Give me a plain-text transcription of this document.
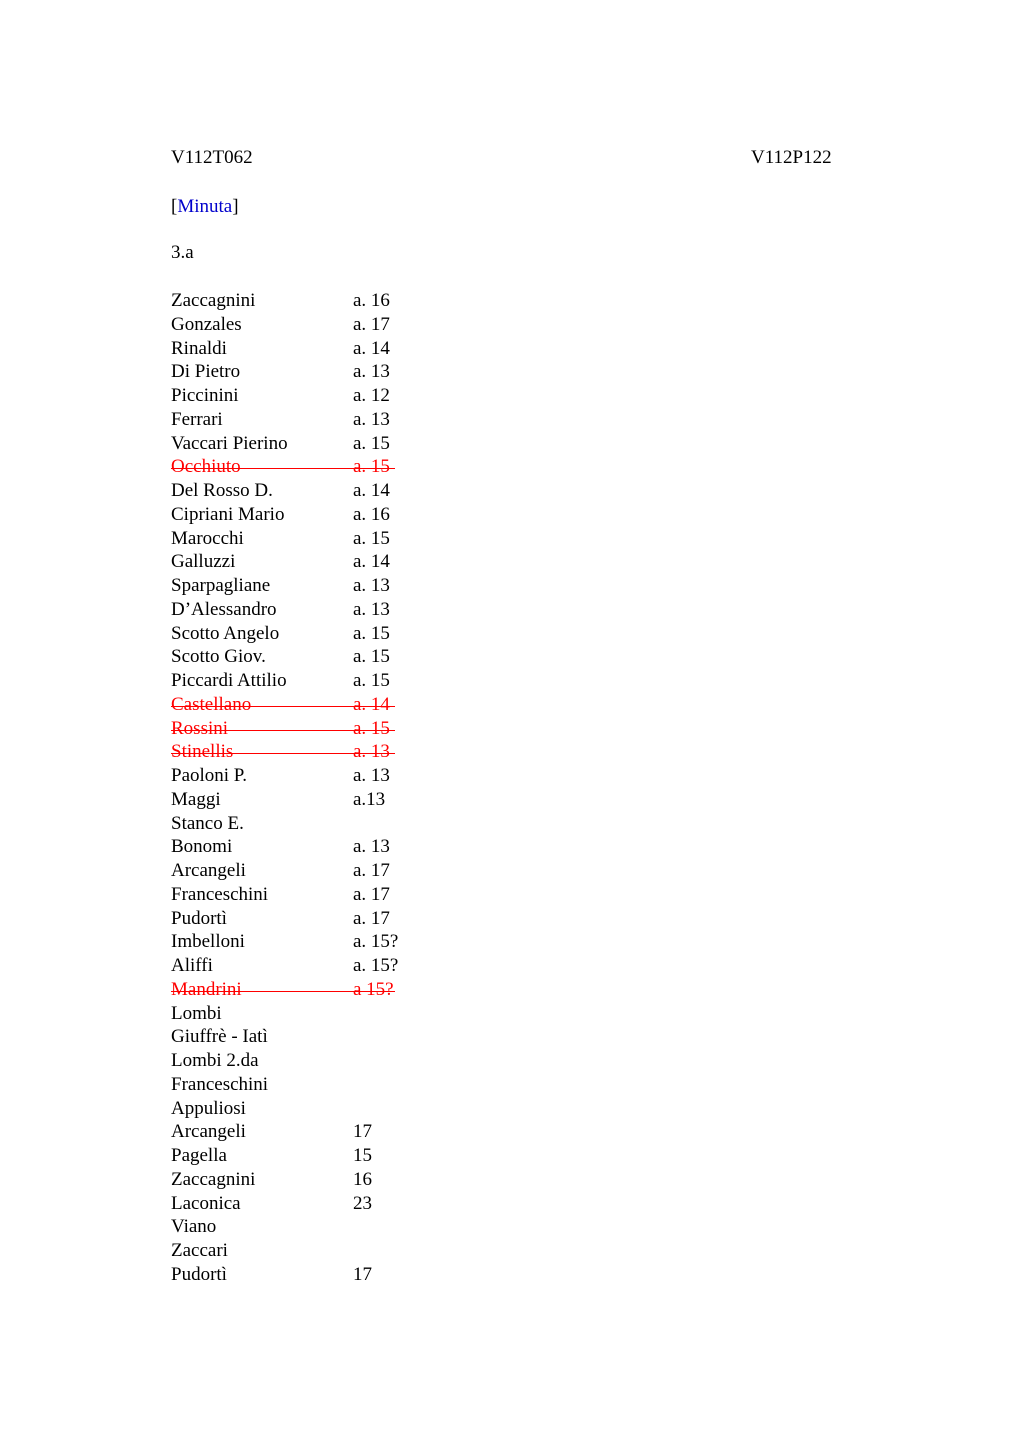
V112T062	V112P122
[Minuta]
3.a
Zaccagnini	a. 16
Gonzales	a. 17
Rinaldi	a. 14
Di Pietro	a. 13
Piccinini	a. 12
Ferrari	a. 13
Vaccari Pierino	a. 15
Occhiuto	a. 15
Del Rosso D.	a. 14
Cipriani Mario	a. 16
Marocchi	a. 15
Galluzzi	a. 14
Sparpagliane	a. 13
D’Alessandro	a. 13
Scotto Angelo	a. 15
Scotto Giov.	a. 15
Piccardi Attilio	a. 15
Castellano	a. 14
Rossini	a. 15
Stinellis	a. 13
Paoloni P.	a. 13
Maggi	a.13
Stanco E.
Bonomi	a. 13
Arcangeli	a. 17
Franceschini	a. 17
Pudortì	a. 17
Imbelloni	a. 15?
Aliffi	a. 15?
Mandrini	a 15?
Lombi
Giuffrè - Iatì
Lombi 2.da
Franceschini
Appuliosi
Arcangeli	17
Pagella	15
Zaccagnini	16
Laconica	23
Viano
Zaccari
Pudortì	17
